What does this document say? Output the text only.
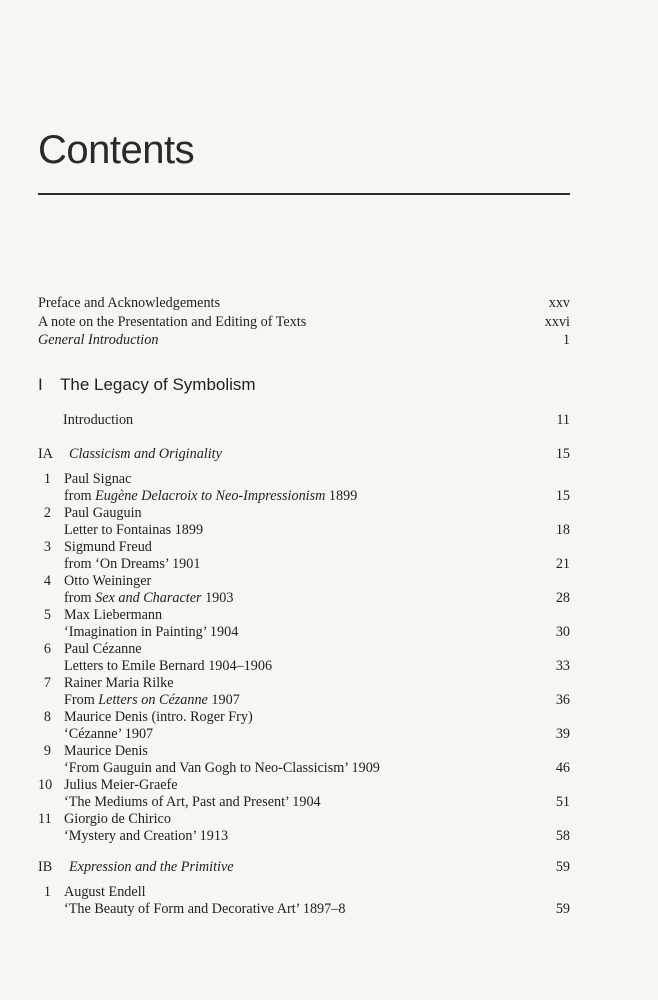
Contents
Preface and Acknowledgements	xxv
A note on the Presentation and Editing of Texts	xxvi
General Introduction	1
I The Legacy of Symbolism
Introduction	11
IA Classicism and Originality	15
1 Paul Signac
from Eugène Delacroix to Neo-Impressionism 1899	15
2 Paul Gauguin
Letter to Fontainas 1899	18
3 Sigmund Freud
from ‘On Dreams’ 1901	21
4 Otto Weininger
from Sex and Character 1903	28
5 Max Liebermann
‘Imagination in Painting’ 1904	30
6 Paul Cézanne
Letters to Emile Bernard 1904–1906	33
7 Rainer Maria Rilke
From Letters on Cézanne 1907	36
8 Maurice Denis (intro. Roger Fry)
‘Cézanne’ 1907	39
9 Maurice Denis
‘From Gauguin and Van Gogh to Neo-Classicism’ 1909	46
10 Julius Meier-Graefe
‘The Mediums of Art, Past and Present’ 1904	51
11 Giorgio de Chirico
‘Mystery and Creation’ 1913	58
IB Expression and the Primitive	59
1 August Endell
‘The Beauty of Form and Decorative Art’ 1897–8	59
